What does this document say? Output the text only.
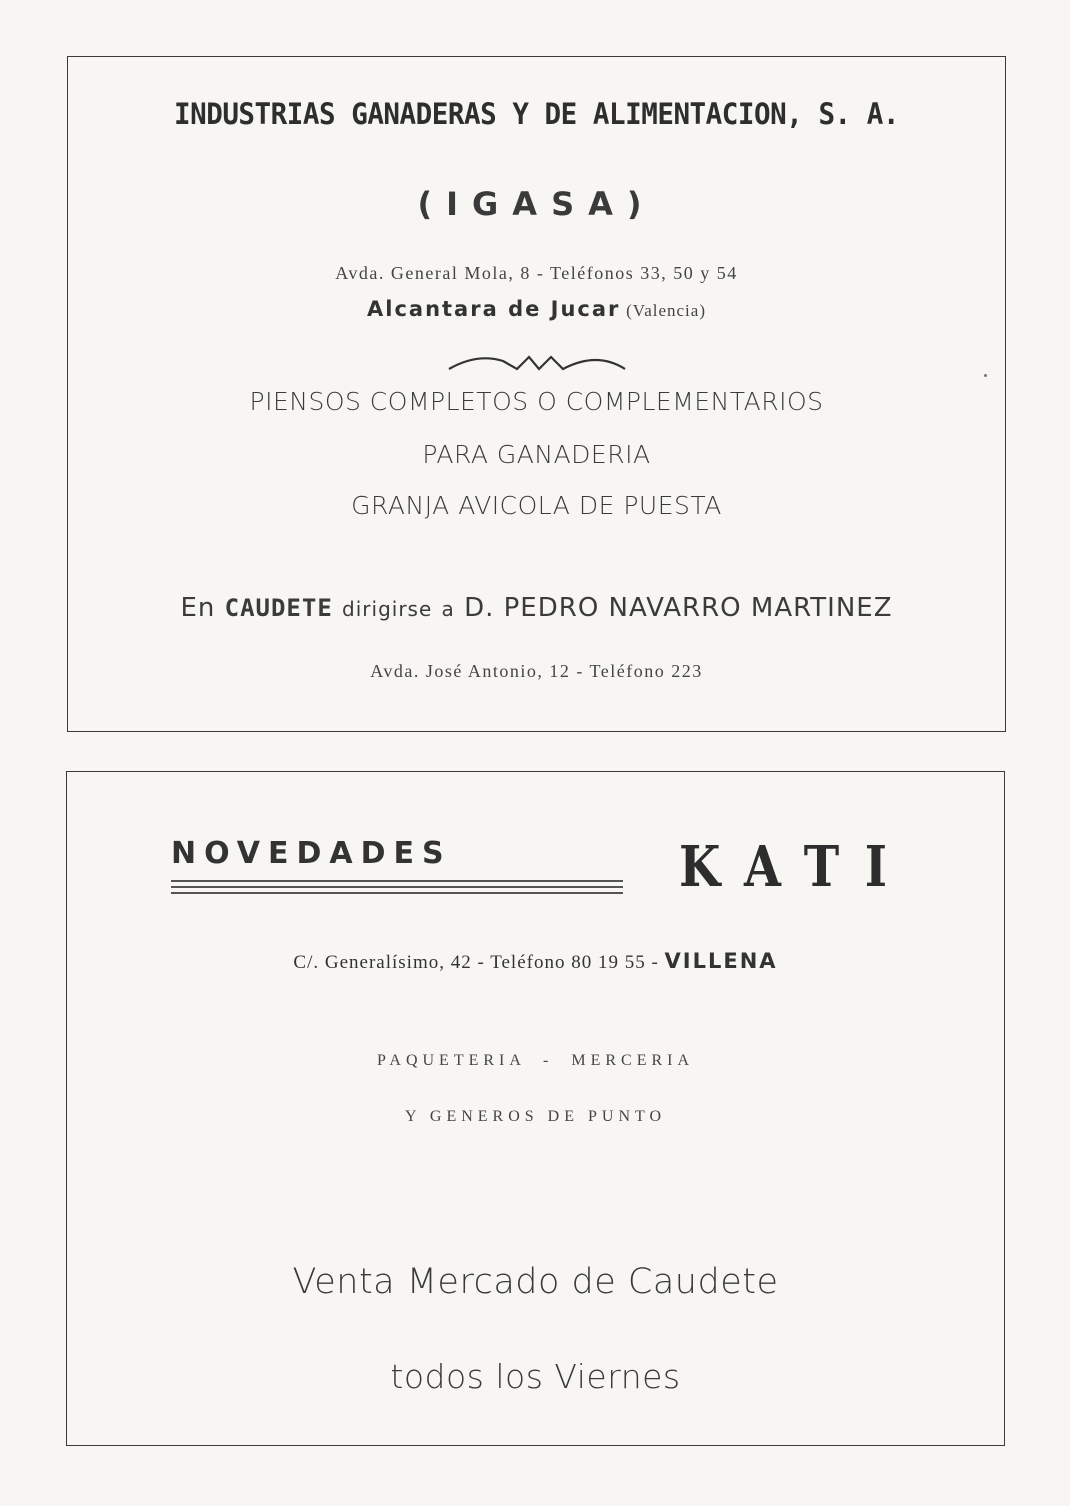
INDUSTRIAS GANADERAS Y DE ALIMENTACION, S. A.
(IGASA)
Avda. General Mola, 8 - Teléfonos 33, 50 y 54
Alcantara de Jucar (Valencia)
PIENSOS COMPLETOS O COMPLEMENTARIOS
PARA GANADERIA
GRANJA AVICOLA DE PUESTA
En CAUDETE dirigirse a D. PEDRO NAVARRO MARTINEZ
Avda. José Antonio, 12 - Teléfono 223
NOVEDADES	KATI
C/. Generalísimo, 42 - Teléfono 80 19 55 - VILLENA
PAQUETERIA  -  MERCERIA
Y GENEROS DE PUNTO
Venta Mercado de Caudete
todos los Viernes
